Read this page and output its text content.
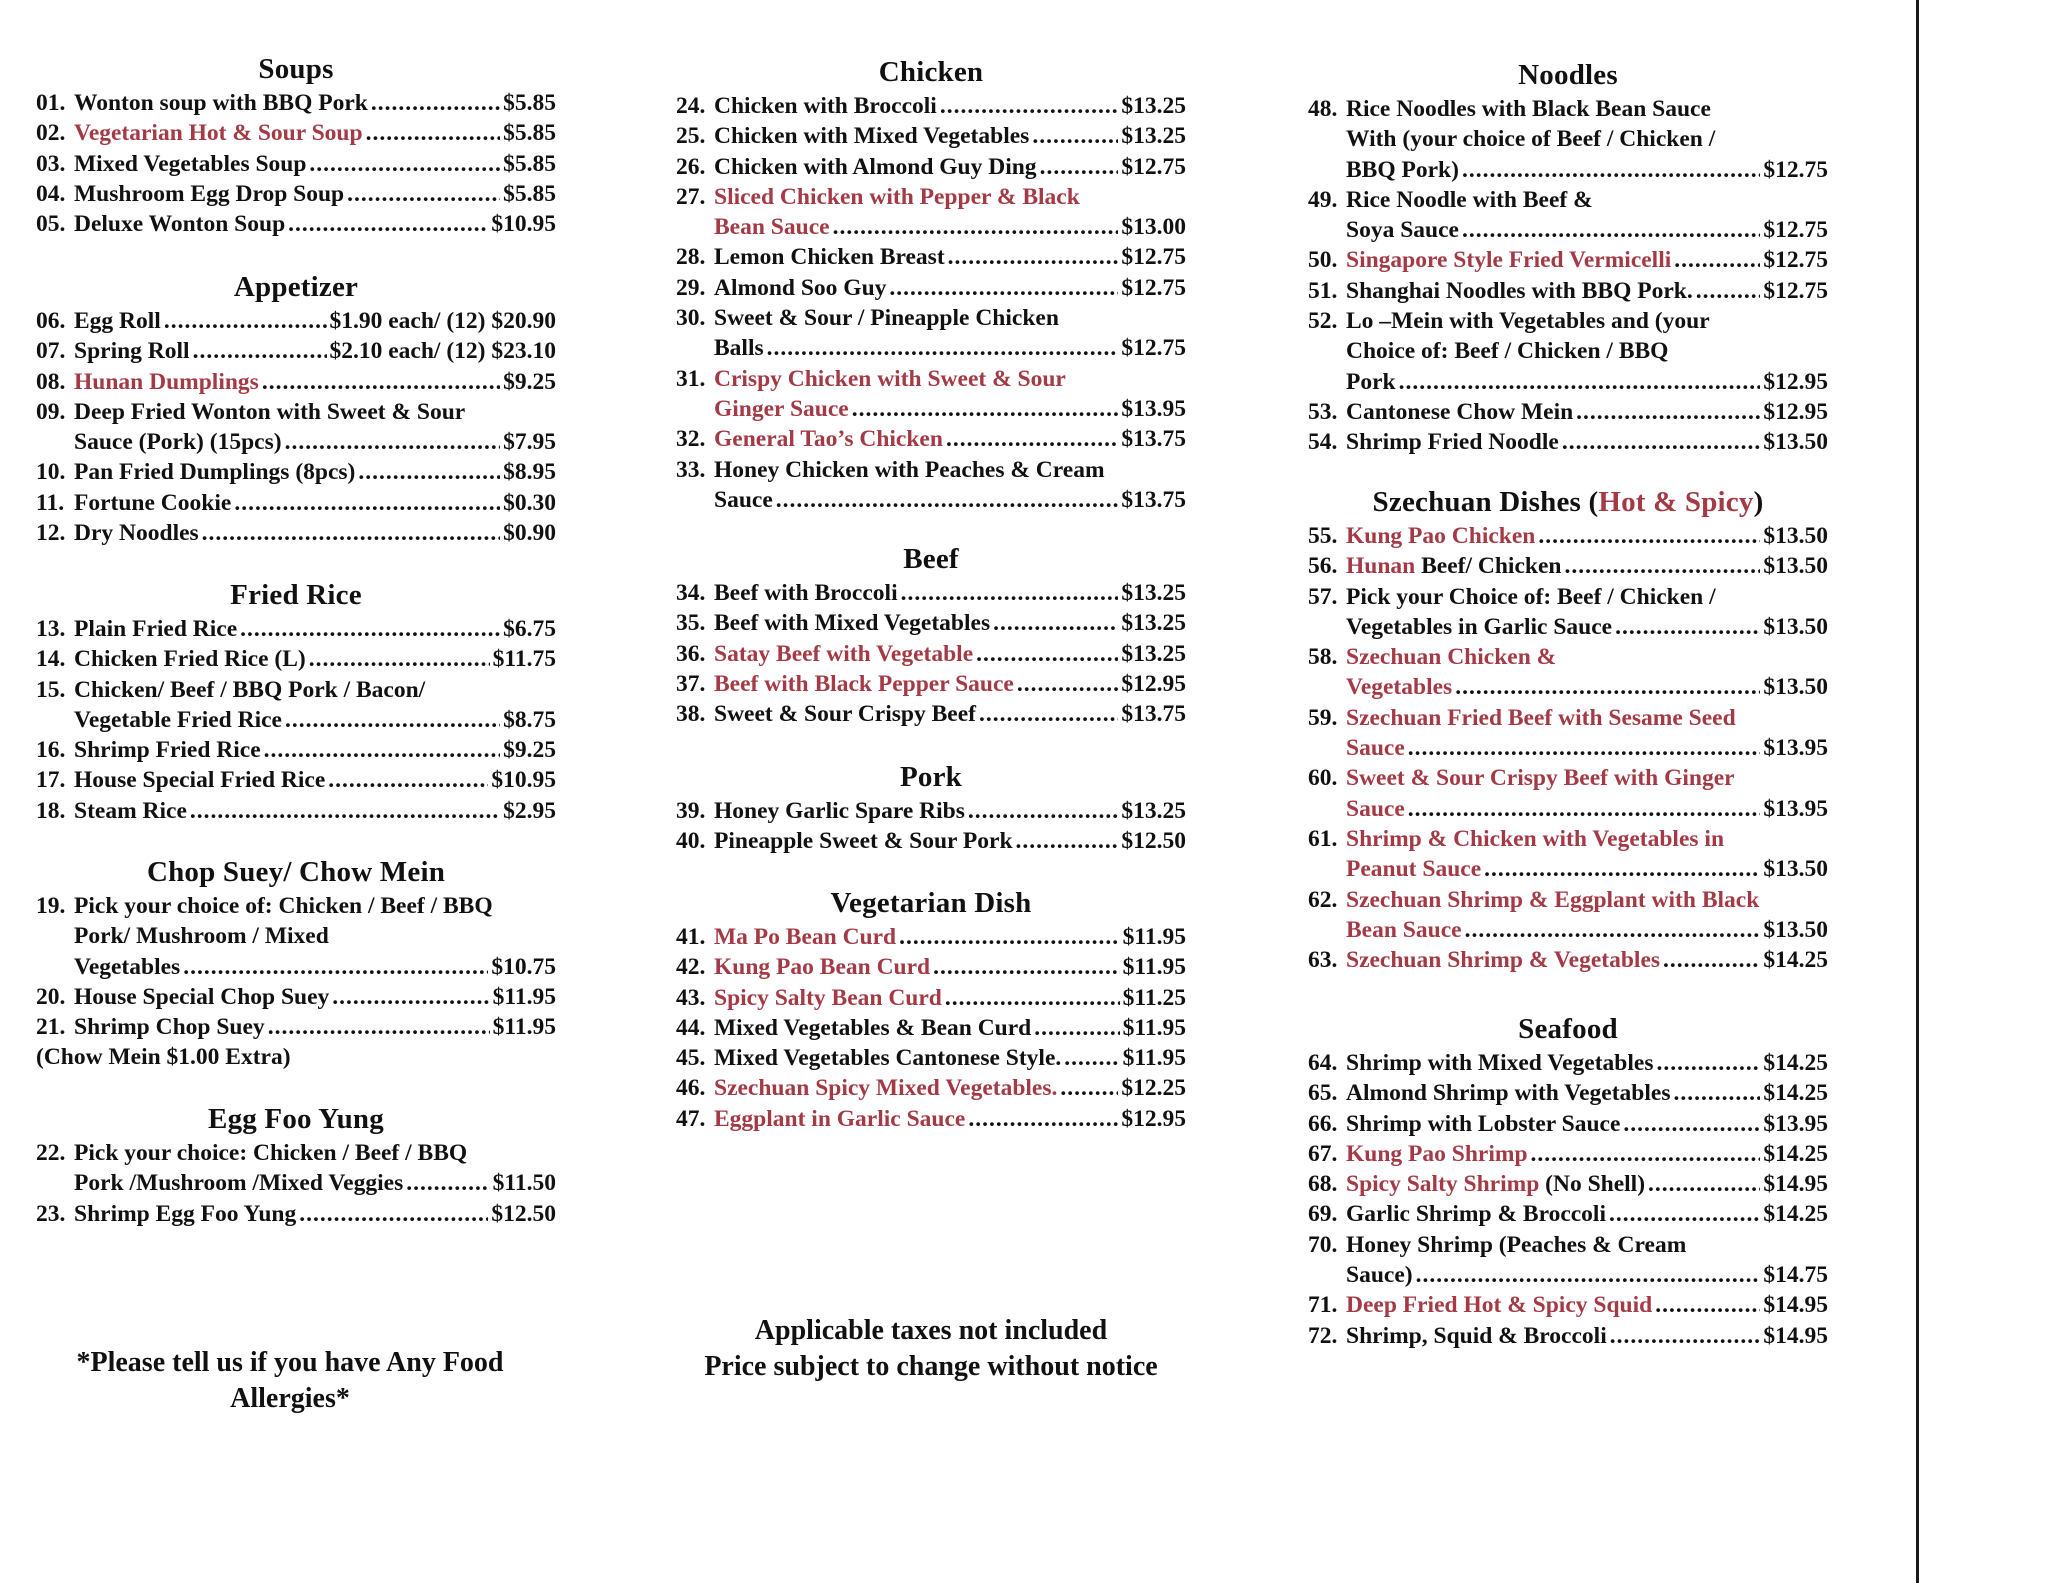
Soups
01. Wonton soup with BBQ Pork .....	$5.85
02. Vegetarian Hot & Sour Soup .....	$5.85
03. Mixed Vegetables Soup .....	$5.85
04. Mushroom Egg Drop Soup .....	$5.85
05. Deluxe Wonton Soup .....	$10.95
Appetizer
06. Egg Roll .....	$1.90 each/ (12) $20.90
07. Spring Roll .....	$2.10 each/ (12) $23.10
08. Hunan Dumplings .....	$9.25
09. Deep Fried Wonton with Sweet & Sour
Sauce (Pork) (15pcs) .....	$7.95
10. Pan Fried Dumplings (8pcs) .....	$8.95
11. Fortune Cookie .....	$0.30
12. Dry Noodles .....	$0.90
Fried Rice
13. Plain Fried Rice .....	$6.75
14. Chicken Fried Rice (L) .....	$11.75
15. Chicken/ Beef / BBQ Pork / Bacon/
Vegetable Fried Rice .....	$8.75
16. Shrimp Fried Rice .....	$9.25
17. House Special Fried Rice .....	$10.95
18. Steam Rice .....	$2.95
Chop Suey/ Chow Mein
19. Pick your choice of: Chicken / Beef / BBQ
Pork/ Mushroom / Mixed
Vegetables .....	$10.75
20. House Special Chop Suey .....	$11.95
21. Shrimp Chop Suey .....	$11.95
(Chow Mein $1.00 Extra)
Egg Foo Yung
22. Pick your choice: Chicken / Beef / BBQ
Pork /Mushroom /Mixed Veggies .....	$11.50
23. Shrimp Egg Foo Yung .....	$12.50
Chicken
24. Chicken with Broccoli .....	$13.25
25. Chicken with Mixed Vegetables .....	$13.25
26. Chicken with Almond Guy Ding .....	$12.75
27. Sliced Chicken with Pepper & Black
Bean Sauce .....	$13.00
28. Lemon Chicken Breast .....	$12.75
29. Almond Soo Guy .....	$12.75
30. Sweet & Sour / Pineapple Chicken
Balls .....	$12.75
31. Crispy Chicken with Sweet & Sour
Ginger Sauce .....	$13.95
32. General Tao’s Chicken .....	$13.75
33. Honey Chicken with Peaches & Cream
Sauce .....	$13.75
Beef
34. Beef with Broccoli .....	$13.25
35. Beef with Mixed Vegetables .....	$13.25
36. Satay Beef with Vegetable .....	$13.25
37. Beef with Black Pepper Sauce .....	$12.95
38. Sweet & Sour Crispy Beef .....	$13.75
Pork
39. Honey Garlic Spare Ribs .....	$13.25
40. Pineapple Sweet & Sour Pork .....	$12.50
Vegetarian Dish
41. Ma Po Bean Curd .....	$11.95
42. Kung Pao Bean Curd .....	$11.95
43. Spicy Salty Bean Curd .....	$11.25
44. Mixed Vegetables & Bean Curd .....	$11.95
45. Mixed Vegetables Cantonese Style. .....	$11.95
46. Szechuan Spicy Mixed Vegetables. .....	$12.25
47. Eggplant in Garlic Sauce .....	$12.95
Noodles
48. Rice Noodles with Black Bean Sauce
With (your choice of Beef / Chicken /
BBQ Pork) .....	$12.75
49. Rice Noodle with Beef &
Soya Sauce .....	$12.75
50. Singapore Style Fried Vermicelli .....	$12.75
51. Shanghai Noodles with BBQ Pork. .....	$12.75
52. Lo –Mein with Vegetables and (your
Choice of: Beef / Chicken / BBQ
Pork .....	$12.95
53. Cantonese Chow Mein .....	$12.95
54. Shrimp Fried Noodle .....	$13.50
Szechuan Dishes (Hot & Spicy)
55. Kung Pao Chicken .....	$13.50
56. Hunan Beef/ Chicken .....	$13.50
57. Pick your Choice of: Beef / Chicken /
Vegetables in Garlic Sauce .....	$13.50
58. Szechuan Chicken &
Vegetables .....	$13.50
59. Szechuan Fried Beef with Sesame Seed
Sauce .....	$13.95
60. Sweet & Sour Crispy Beef with Ginger
Sauce .....	$13.95
61. Shrimp & Chicken with Vegetables in
Peanut Sauce .....	$13.50
62. Szechuan Shrimp & Eggplant with Black
Bean Sauce .....	$13.50
63. Szechuan Shrimp & Vegetables .....	$14.25
Seafood
64. Shrimp with Mixed Vegetables .....	$14.25
65. Almond Shrimp with Vegetables .....	$14.25
66. Shrimp with Lobster Sauce .....	$13.95
67. Kung Pao Shrimp .....	$14.25
68. Spicy Salty Shrimp (No Shell) .....	$14.95
69. Garlic Shrimp & Broccoli .....	$14.25
70. Honey Shrimp (Peaches & Cream
Sauce) .....	$14.75
71. Deep Fried Hot & Spicy Squid .....	$14.95
72. Shrimp, Squid & Broccoli .....	$14.95
*Please tell us if you have Any Food
Allergies*
Applicable taxes not included
Price subject to change without notice
